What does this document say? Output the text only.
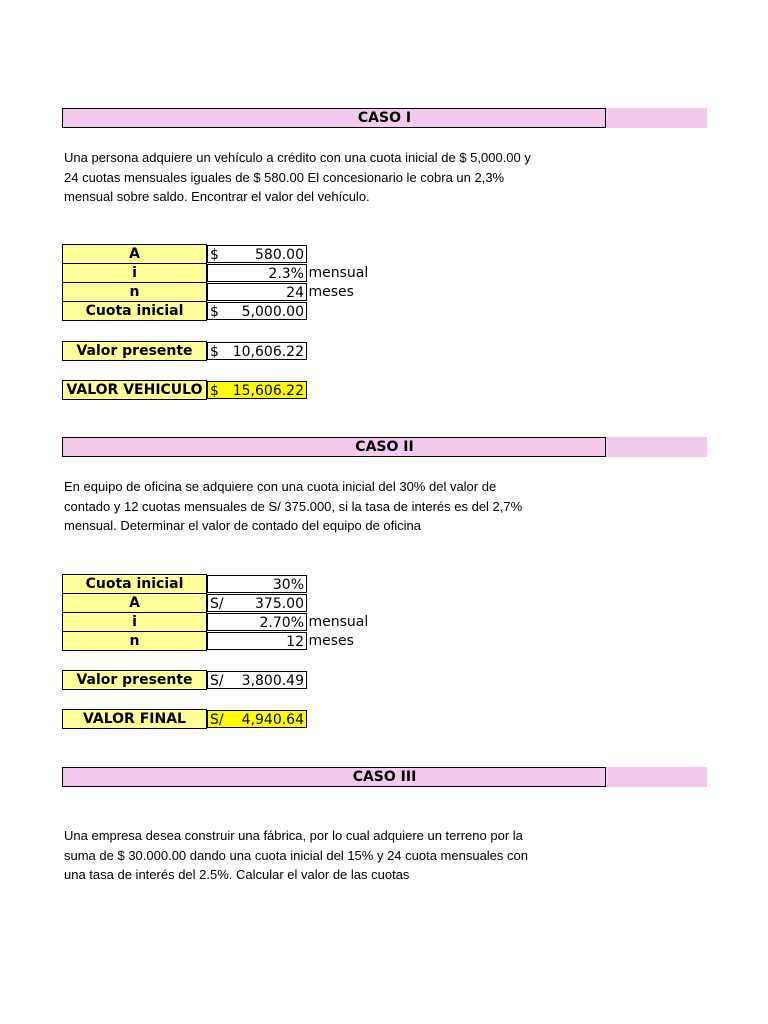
CASO I
Una persona adquiere un vehículo a crédito con una cuota inicial de $ 5,000.00 y 24 cuotas mensuales iguales de $ 580.00 El concesionario le cobra un 2,3% mensual sobre saldo. Encontrar el valor del vehículo.
A		$	580.00

i		2.3% mensual
n		24 meses
Cuota inicial	$ 5,000.00
Valor presente	$ 10,606.22
VALOR VEHICULO	$ 15,606.22
CASO II
En equipo de oficina se adquiere con una cuota inicial del 30% del valor de contado y 12 cuotas mensuales de S/ 375.000, si la tasa de interés es del 2,7% mensual. Determinar el valor de contado del equipo de oficina
Cuota inicial		30%

A		S/ 375.00

i		2.70% mensual
n		12 meses
Valor presente	S/ 3,800.49
VALOR FINAL	S/ 4,940.64
CASO III
Una empresa desea construir una fábrica, por lo cual adquiere un terreno por la suma de $ 30.000.00 dando una cuota inicial del 15% y 24 cuota mensuales con una tasa de interés del 2.5%. Calcular el valor de las cuotas
